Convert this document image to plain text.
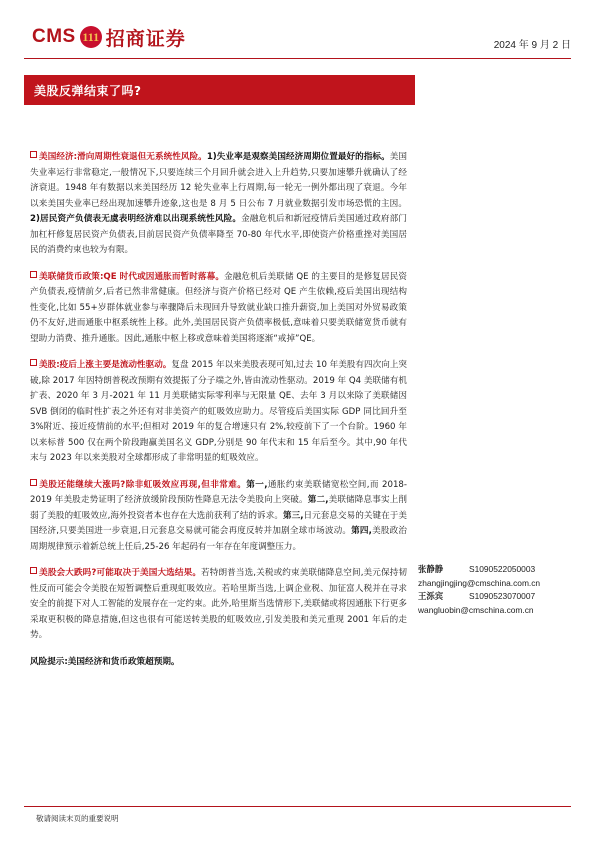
CMS 111 招商证券	2024 年 9 月 2 日
美股反弹结束了吗?

美国经济:滑向周期性衰退但无系统性风险。1)失业率是观察美国经济周期位置最好的指标。美国失业率运行非常稳定,一般情况下,只要连续三个月回升就会进入上升趋势,只要加速攀升就确认了经济衰退。1948 年有数据以来美国经历 12 轮失业率上行周期,每一轮无一例外都出现了衰退。今年以来美国失业率已经出现加速攀升迹象,这也是 8 月 5 日公布 7 月就业数据引发市场恐慌的主因。2)居民资产负债表无虞表明经济难以出现系统性风险。金融危机后和新冠疫情后美国通过政府部门加杠杆修复居民资产负债表,目前居民资产负债率降至 70-80 年代水平,即使资产价格重挫对美国居民的消费约束也较为有限。

美联储货币政策:QE 时代或因通胀而暂时落幕。金融危机后美联储 QE 的主要目的是修复居民资产负债表,疫情前夕,后者已然非常健康。但经济与资产价格已经对 QE 产生依赖,疫后美国出现结构性变化,比如 55+岁群体就业参与率骤降后未现回升导致就业缺口推升薪资,加上美国对外贸易政策仍不友好,进而通胀中枢系统性上移。此外,美国居民资产负债率极低,意味着只要美联储宽货币就有望助力消费、推升通胀。因此,通胀中枢上移或意味着美国将逐渐“戒掉”QE。

美股:疫后上涨主要是流动性驱动。复盘 2015 年以来美股表现可知,过去 10 年美股有四次向上突破,除 2017 年因特朗普税改预期有效提振了分子端之外,皆由流动性驱动。2019 年 Q4 美联储有机扩表、2020 年 3 月-2021 年 11 月美联储实际零利率与无限量 QE、去年 3 月以来除了美联储因 SVB 倒闭的临时性扩表之外还有对非美资产的虹吸效应助力。尽管疫后美国实际 GDP 同比回升至 3%附近、接近疫情前的水平;但相对 2019 年的复合增速只有 2%,较疫前下了一个台阶。1960 年以来标普 500 仅在两个阶段跑赢美国名义 GDP,分别是 90 年代末和 15 年后至今。其中,90 年代末与 2023 年以来美股对全球都形成了非常明显的虹吸效应。

美股还能继续大涨吗?除非虹吸效应再现,但非常难。第一,通胀约束美联储宽松空间,而 2018-2019 年美股走势证明了经济放缓阶段预防性降息无法令美股向上突破。第二,美联储降息事实上削弱了美股的虹吸效应,海外投资者本也存在大选前获利了结的诉求。第三,日元套息交易的关键在于美国经济,只要美国进一步衰退,日元套息交易就可能会再度反转并加剧全球市场波动。第四,美股政治周期规律预示着新总统上任后,25-26 年起码有一年存在年度调整压力。

美股会大跌吗?可能取决于美国大选结果。若特朗普当选,关税或约束美联储降息空间,美元保持韧性反而可能会令美股在短暂调整后重现虹吸效应。若哈里斯当选,上调企业税、加征富人税并在寻求安全的前提下对人工智能的发展存在一定约束。此外,哈里斯当选情形下,美联储或将因通胀下行更多采取更积极的降息措施,但这也很有可能送转美股的虹吸效应,引发美股和美元重现 2001 年后的走势。

风险提示:美国经济和货币政策超预期。
张静静	S1090522050003
zhangjingjing@cmschina.com.cn
王泺宾	S1090523070007
wangluobin@cmschina.com.cn
敬请阅读末页的重要说明
